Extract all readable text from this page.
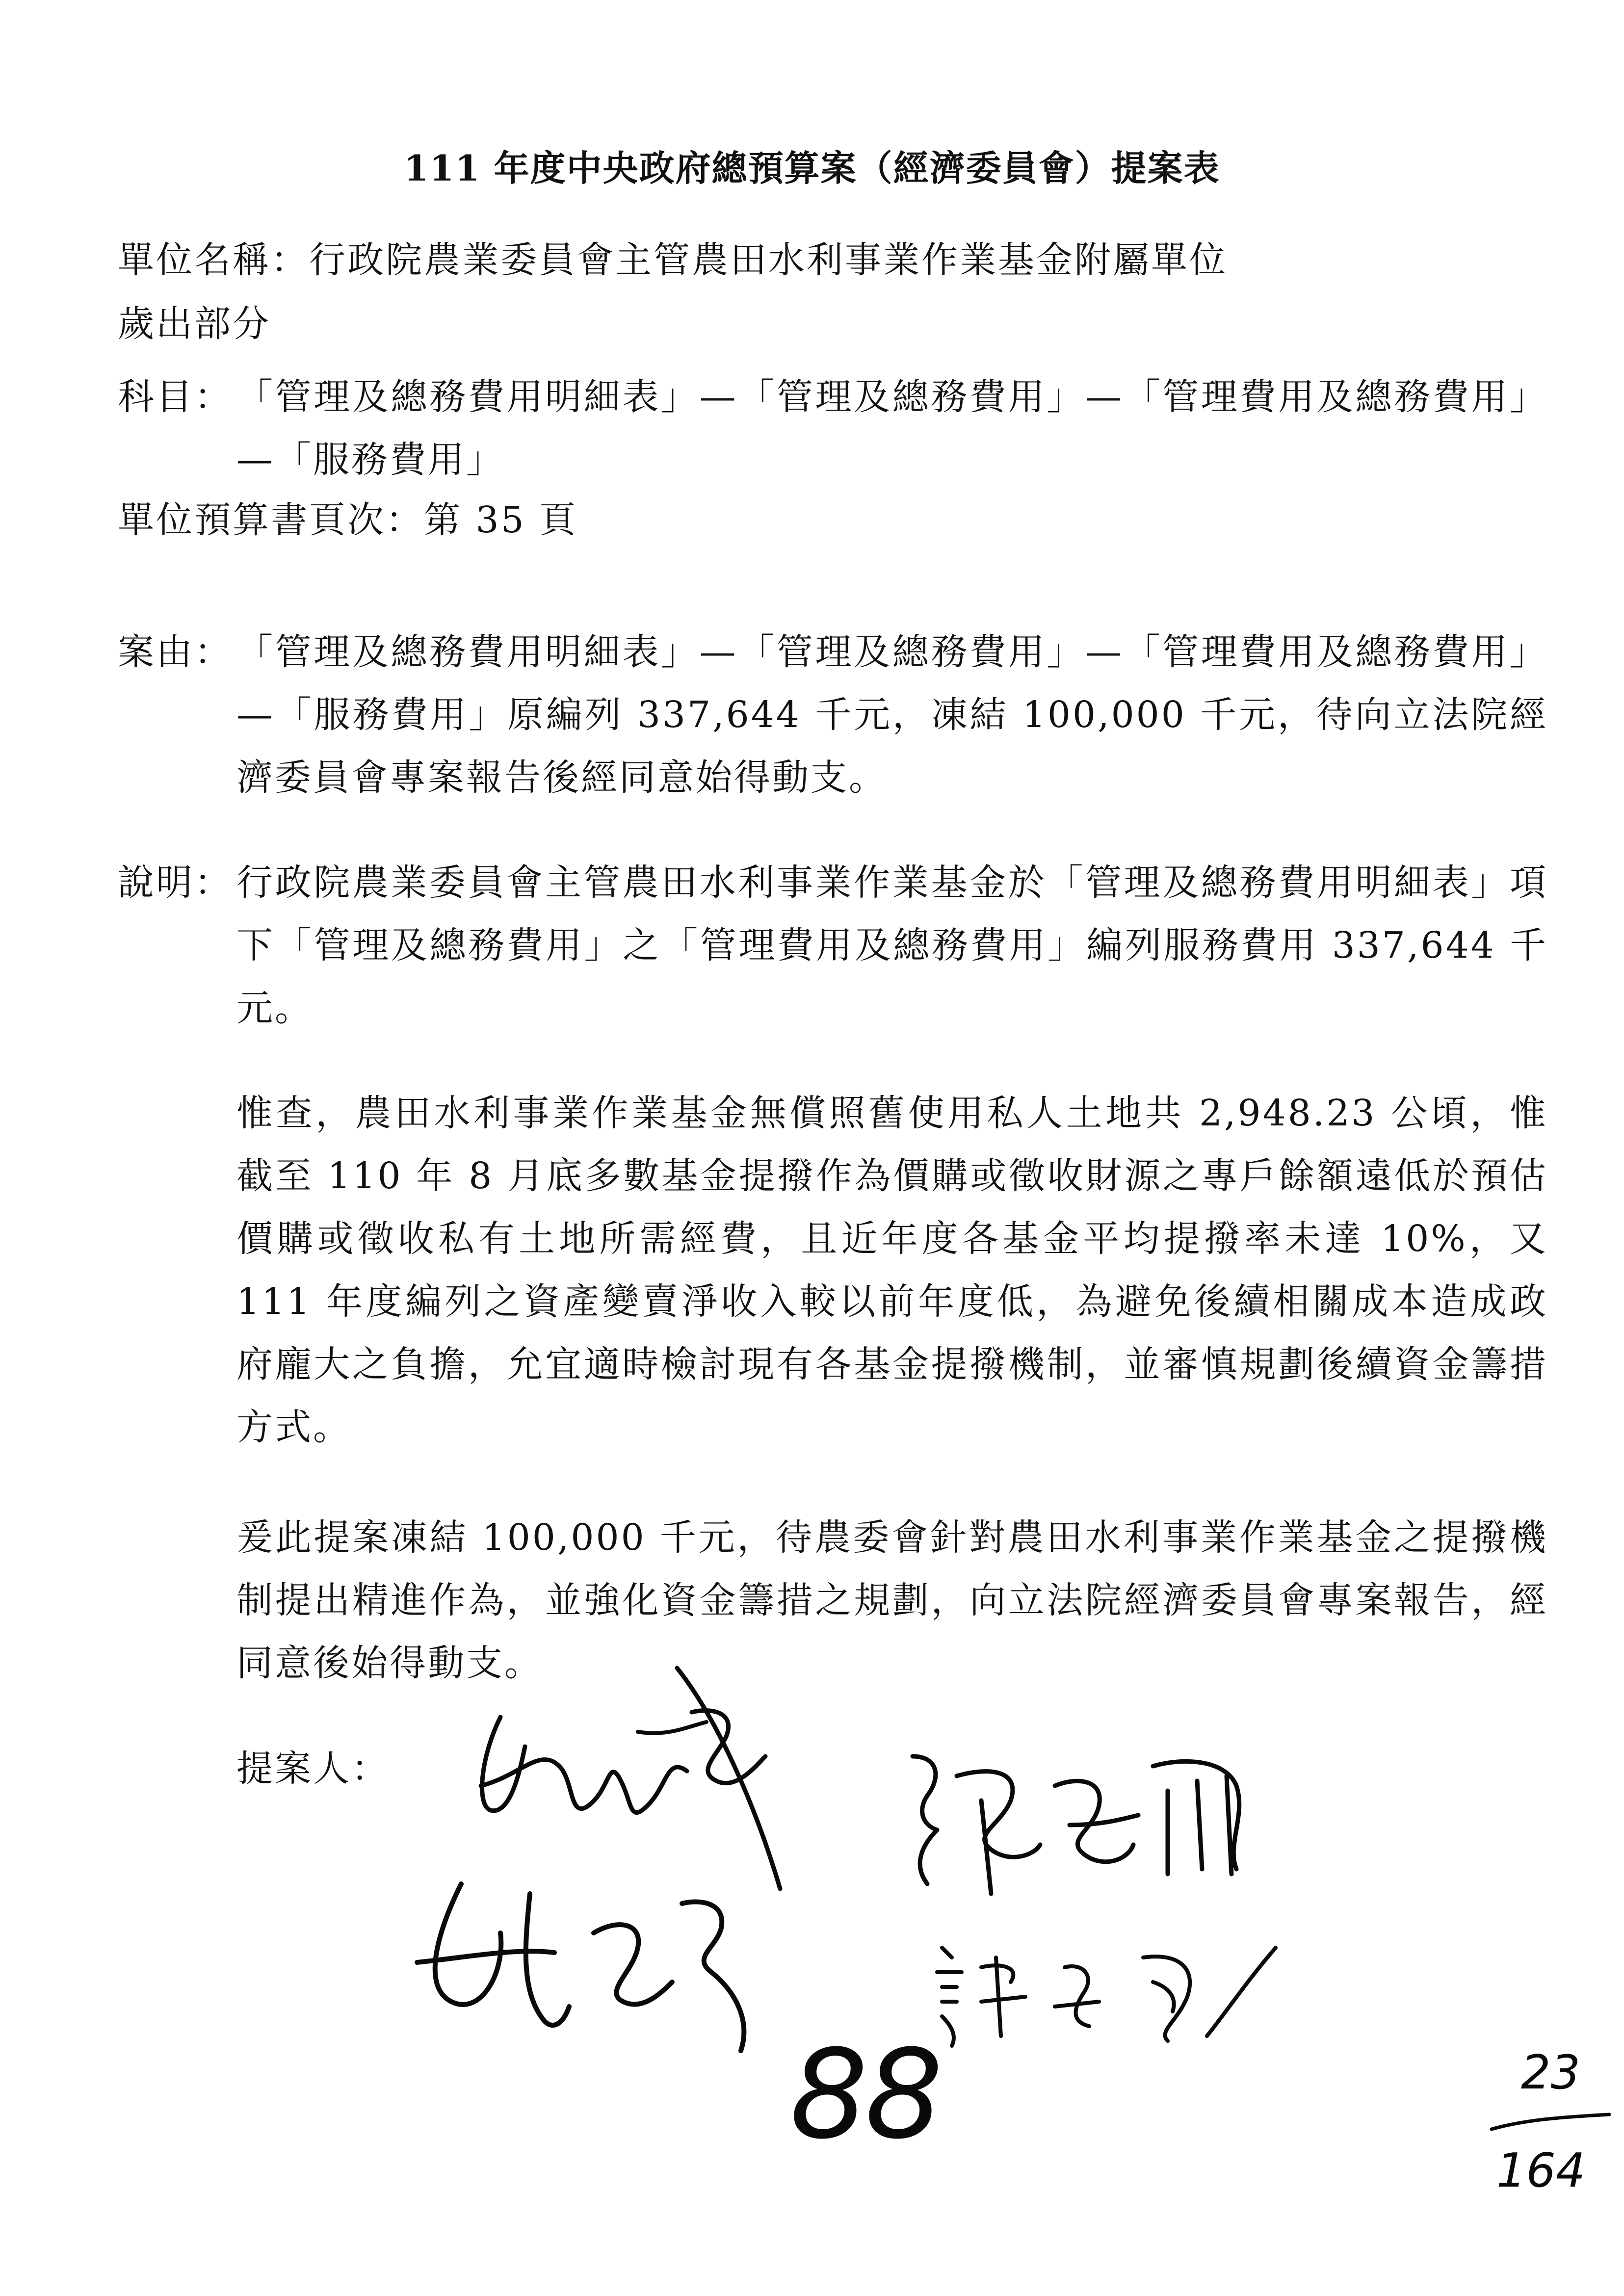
111 年度中央政府總預算案（經濟委員會）提案表
單位名稱：行政院農業委員會主管農田水利事業作業基金附屬單位
歲出部分
科目： 「管理及總務費用明細表」—「管理及總務費用」—「管理費用及總務費用」—「服務費用」
單位預算書頁次：第 35 頁
案由： 「管理及總務費用明細表」—「管理及總務費用」—「管理費用及總務費用」—「服務費用」原編列 337,644 千元，凍結 100,000 千元，待向立法院經濟委員會專案報告後經同意始得動支。
說明： 行政院農業委員會主管農田水利事業作業基金於「管理及總務費用明細表」項下「管理及總務費用」之「管理費用及總務費用」編列服務費用 337,644 千元。
惟查，農田水利事業作業基金無償照舊使用私人土地共 2,948.23 公頃，惟截至 110 年 8 月底多數基金提撥作為價購或徵收財源之專戶餘額遠低於預估價購或徵收私有土地所需經費，且近年度各基金平均提撥率未達 10%，又 111 年度編列之資產變賣淨收入較以前年度低，為避免後續相關成本造成政府龐大之負擔，允宜適時檢討現有各基金提撥機制，並審慎規劃後續資金籌措方式。
爰此提案凍結 100,000 千元，待農委會針對農田水利事業作業基金之提撥機制提出精進作為，並強化資金籌措之規劃，向立法院經濟委員會專案報告，經同意後始得動支。
提案人：
88	23
164
